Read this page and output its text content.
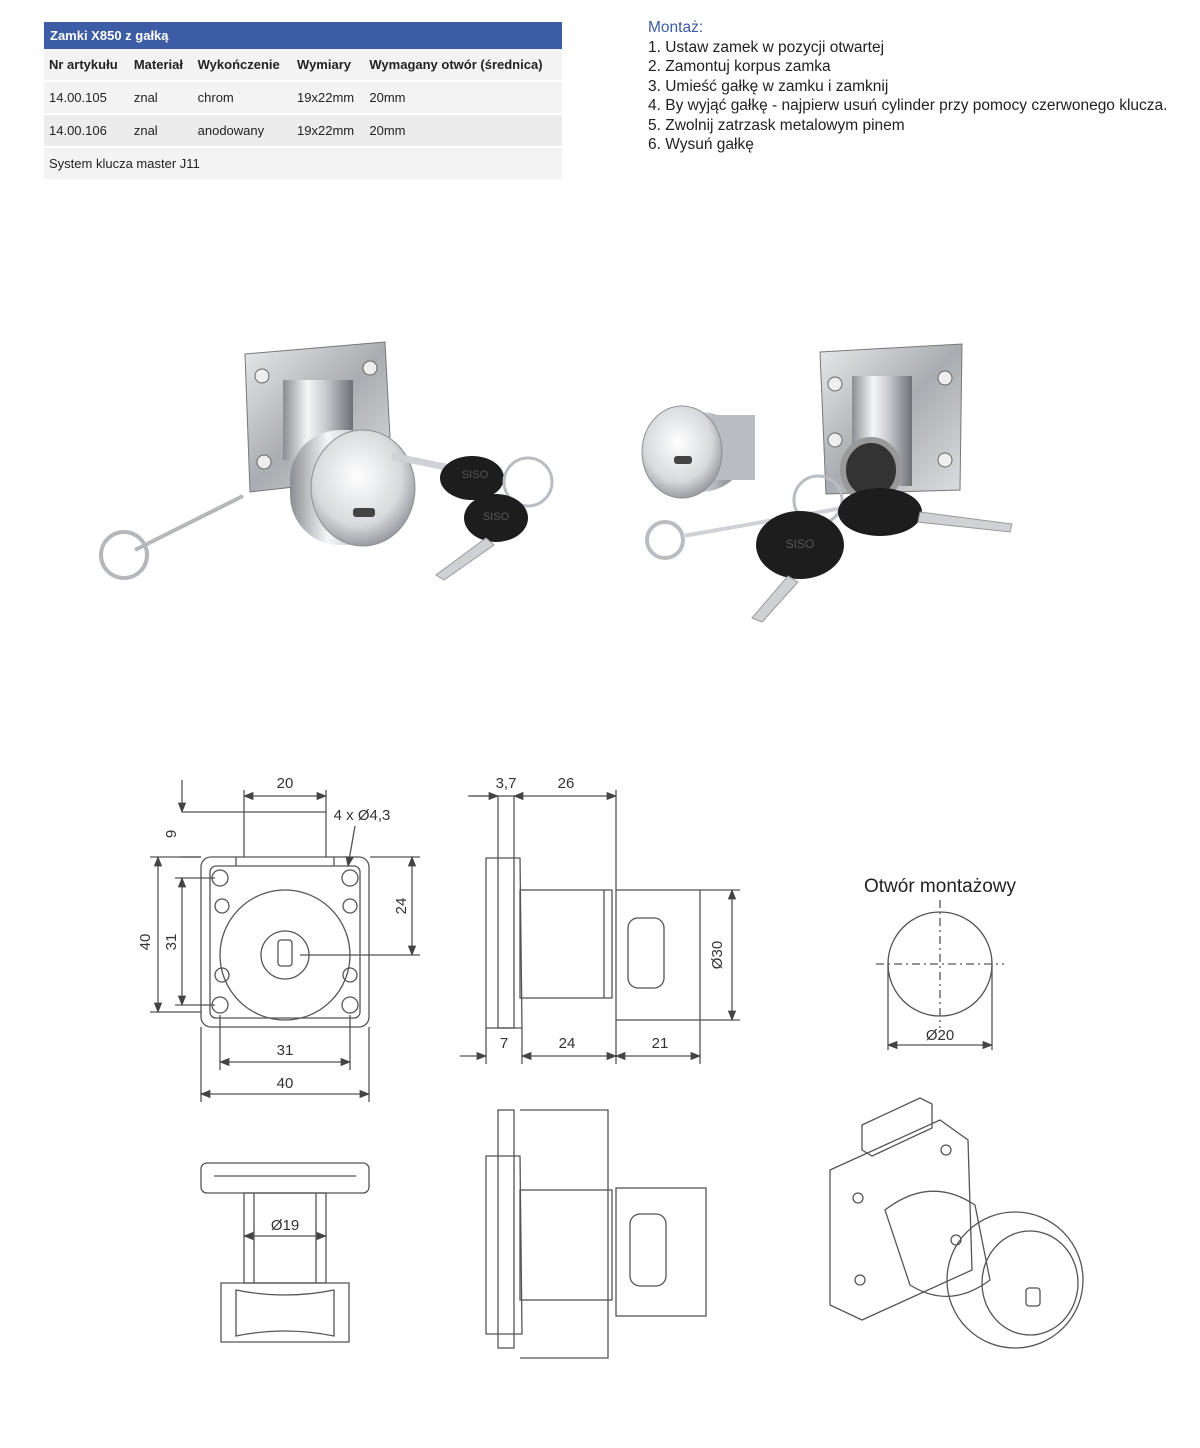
Zamki X850 z gałką
Nr artykułu	Materiał	Wykończenie	Wymiary	Wymagany otwór (średnica)
14.00.105	znal	chrom	19x22mm	20mm
14.00.106	znal	anodowany	19x22mm	20mm
System klucza master J11				
Montaż:
1. Ustaw zamek w pozycji otwartej
2. Zamontuj korpus zamka
3. Umieść gałkę w zamku i zamknij
4. By wyjąć gałkę - najpierw usuń cylinder przy pomocy czerwonego klucza.
5. Zwolnij zatrzask metalowym pinem
6. Wysuń gałkę
SISO
SISO
SISO
20
9
4 x Ø4,3
24
40 31
31
40
3,7	26
Ø30
7	24	21
Otwór montażowy
Ø20
Ø19
